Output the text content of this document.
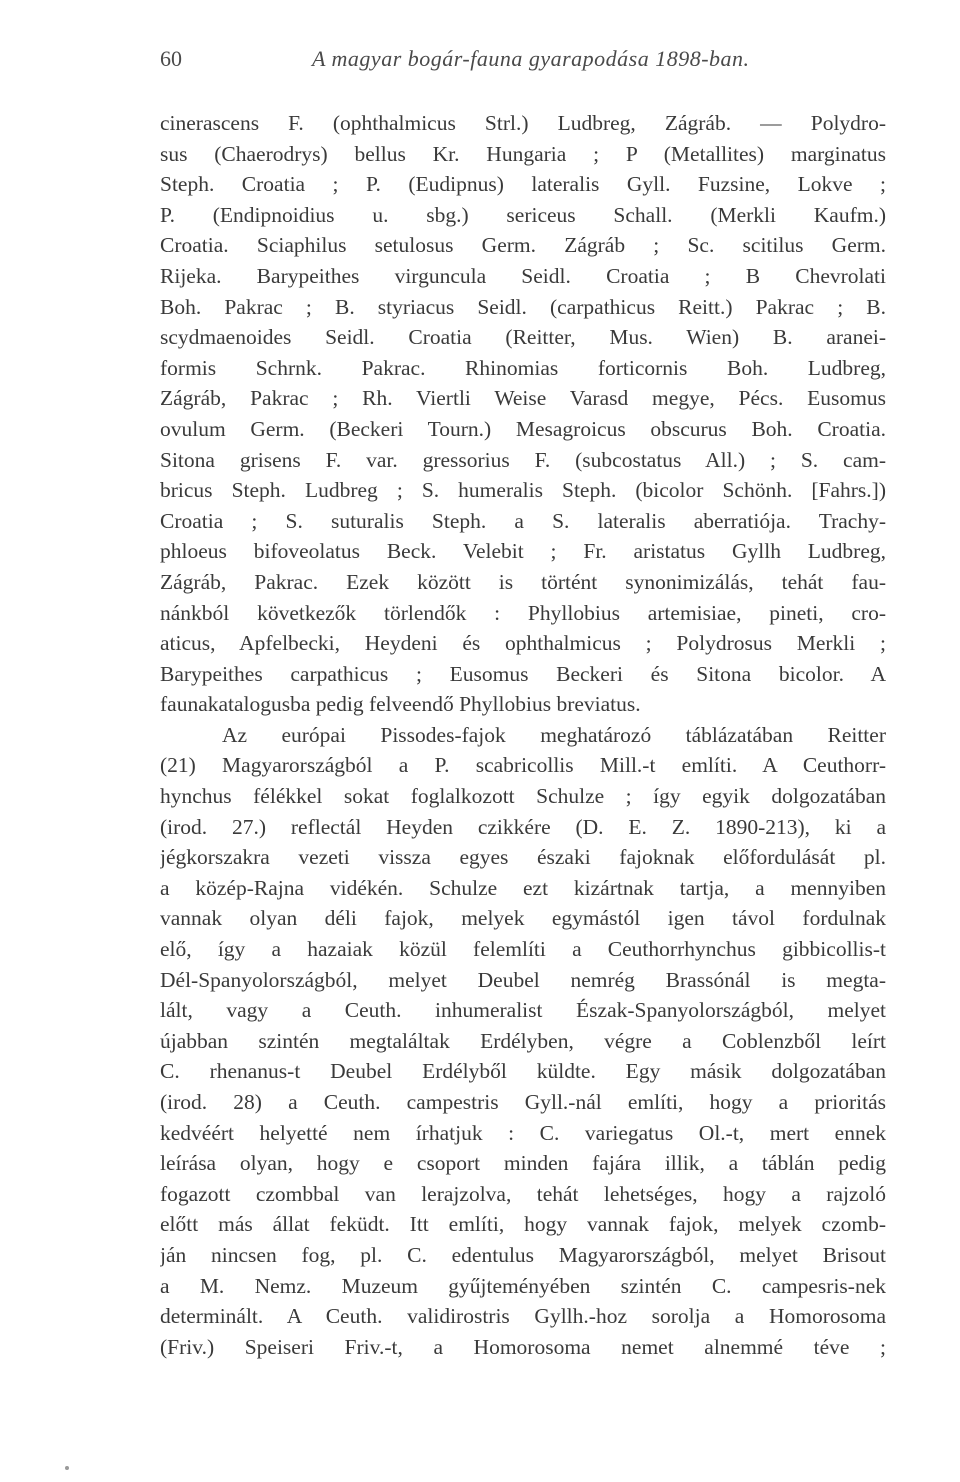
60	A magyar bogár-fauna gyarapodása 1898-ban.
cinerascens F. (ophthalmicus Strl.) Ludbreg, Zágráb. — Polydro-
sus (Chaerodrys) bellus Kr. Hungaria ; P (Metallites) marginatus
Steph. Croatia ; P. (Eudipnus) lateralis Gyll. Fuzsine, Lokve ;
P. (Endipnoidius u. sbg.) sericeus Schall. (Merkli Kaufm.)
Croatia. Sciaphilus setulosus Germ. Zágráb ; Sc. scitilus Germ.
Rijeka. Barypeithes virguncula Seidl. Croatia ; B Chevrolati
Boh. Pakrac ; B. styriacus Seidl. (carpathicus Reitt.) Pakrac ; B.
scydmaenoides Seidl. Croatia (Reitter, Mus. Wien) B. aranei-
formis Schrnk. Pakrac. Rhinomias forticornis Boh. Ludbreg,
Zágráb, Pakrac ; Rh. Viertli Weise Varasd megye, Pécs. Eusomus
ovulum Germ. (Beckeri Tourn.) Mesagroicus obscurus Boh. Croatia.
Sitona grisens F. var. gressorius F. (subcostatus All.) ; S. cam-
bricus Steph. Ludbreg ; S. humeralis Steph. (bicolor Schönh. [Fahrs.])
Croatia ; S. suturalis Steph. a S. lateralis aberratiója. Trachy-
phloeus bifoveolatus Beck. Velebit ; Fr. aristatus Gyllh Ludbreg,
Zágráb, Pakrac. Ezek között is történt synonimizálás, tehát fau-
nánkból következők törlendők : Phyllobius artemisiae, pineti, cro-
aticus, Apfelbecki, Heydeni és ophthalmicus ; Polydrosus Merkli ;
Barypeithes carpathicus ; Eusomus Beckeri és Sitona bicolor. A
faunakatalogusba pedig felveendő Phyllobius breviatus.
Az európai Pissodes-fajok meghatározó táblázatában Reitter
(21) Magyarországból a P. scabricollis Mill.-t említi. A Ceuthorr-
hynchus félékkel sokat foglalkozott Schulze ; így egyik dolgozatában
(irod. 27.) reflectál Heyden czikkére (D. E. Z. 1890-213), ki a
jégkorszakra vezeti vissza egyes északi fajoknak előfordulását pl.
a közép-Rajna vidékén. Schulze ezt kizártnak tartja, a mennyiben
vannak olyan déli fajok, melyek egymástól igen távol fordulnak
elő, így a hazaiak közül felemlíti a Ceuthorrhynchus gibbicollis-t
Dél-Spanyolországból, melyet Deubel nemrég Brassónál is megta-
lált, vagy a Ceuth. inhumeralist Észak-Spanyolországból, melyet
újabban szintén megtaláltak Erdélyben, végre a Coblenzből leírt
C. rhenanus-t Deubel Erdélyből küldte. Egy másik dolgozatában
(irod. 28) a Ceuth. campestris Gyll.-nál említi, hogy a prioritás
kedvéért helyetté nem írhatjuk : C. variegatus Ol.-t, mert ennek
leírása olyan, hogy e csoport minden fajára illik, a táblán pedig
fogazott czombbal van lerajzolva, tehát lehetséges, hogy a rajzoló
előtt más állat feküdt. Itt említi, hogy vannak fajok, melyek czomb-
ján nincsen fog, pl. C. edentulus Magyarországból, melyet Brisout
a M. Nemz. Muzeum gyűjteményében szintén C. campesris-nek
determinált. A Ceuth. validirostris Gyllh.-hoz sorolja a Homorosoma
(Friv.) Speiseri Friv.-t, a Homorosoma nemet alnemmé téve ;
